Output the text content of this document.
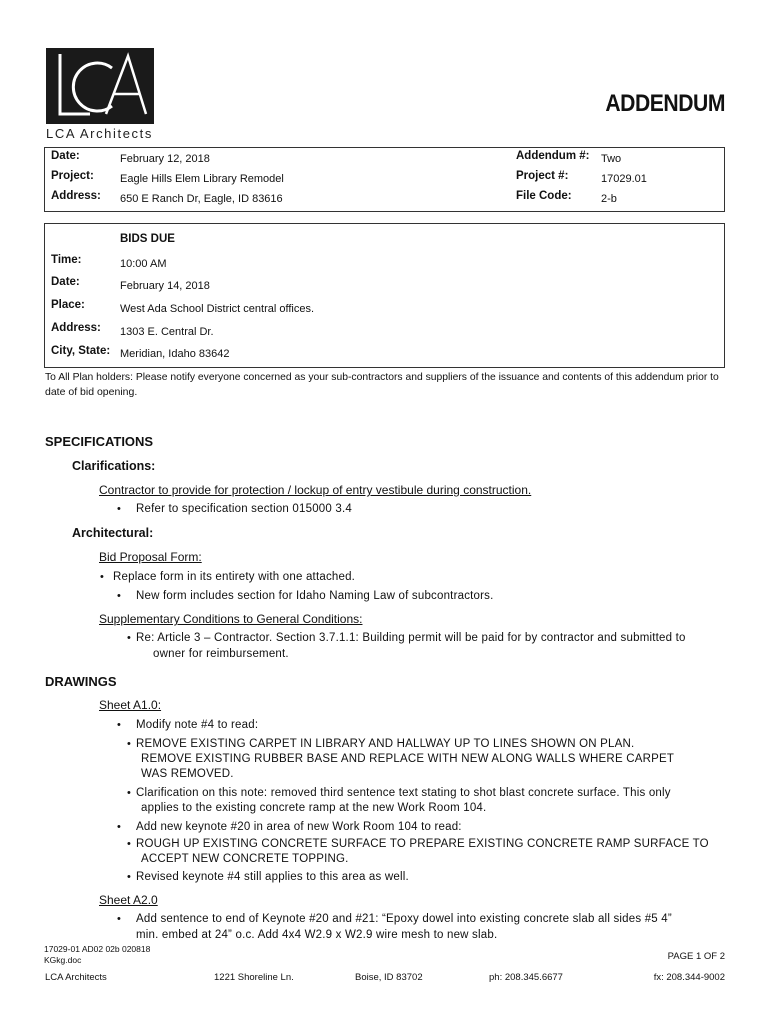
LCA Architects
ADDENDUM
Date:	February 12, 2018
Project: Eagle Hills Elem Library Remodel
Address: 650 E Ranch Dr, Eagle, ID 83616
Addendum #: Two
Project #:	17029.01
File Code:	2-b
BIDS DUE
Time:	10:00 AM
Date:	February 14, 2018
Place:	West Ada School District central offices.
Address: 1303 E. Central Dr.
City, State: Meridian, Idaho 83642
To All Plan holders: Please notify everyone concerned as your sub-contractors and suppliers of the issuance and contents of this addendum prior to
date of bid opening.
SPECIFICATIONS
Clarifications:
Contractor to provide for protection / lockup of entry vestibule during construction.
• Refer to specification section 015000 3.4
Architectural:
Bid Proposal Form:
• Replace form in its entirety with one attached.
• New form includes section for Idaho Naming Law of subcontractors.
Supplementary Conditions to General Conditions:
• Re: Article 3 – Contractor. Section 3.7.1.1: Building permit will be paid for by contractor and submitted to
owner for reimbursement.
DRAWINGS
Sheet A1.0:
• Modify note #4 to read:
• REMOVE EXISTING CARPET IN LIBRARY AND HALLWAY UP TO LINES SHOWN ON PLAN.
REMOVE EXISTING RUBBER BASE AND REPLACE WITH NEW ALONG WALLS WHERE CARPET
WAS REMOVED.
• Clarification on this note: removed third sentence text stating to shot blast concrete surface. This only
applies to the existing concrete ramp at the new Work Room 104.
• Add new keynote #20 in area of new Work Room 104 to read:
• ROUGH UP EXISTING CONCRETE SURFACE TO PREPARE EXISTING CONCRETE RAMP SURFACE TO
ACCEPT NEW CONCRETE TOPPING.
• Revised keynote #4 still applies to this area as well.
Sheet A2.0
• Add sentence to end of Keynote #20 and #21: “Epoxy dowel into existing concrete slab all sides #5 4”
min. embed at 24” o.c. Add 4x4 W2.9 x W2.9 wire mesh to new slab.
17029-01 AD02 02b 020818
KGkg.doc	PAGE 1 OF 2
LCA Architects	1221 Shoreline Ln.	Boise, ID 83702	ph: 208.345.6677	fx: 208.344-9002
